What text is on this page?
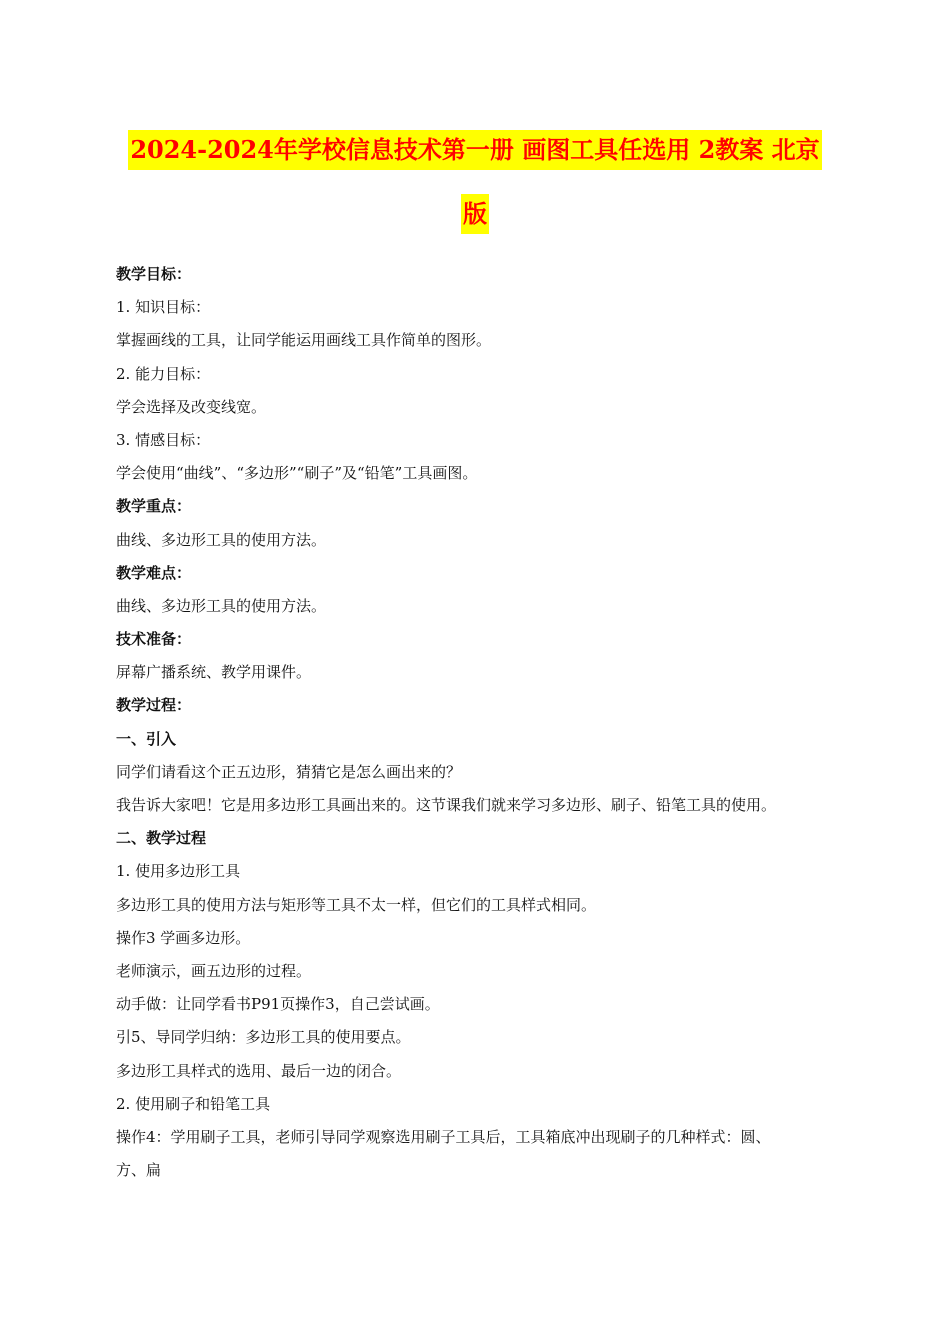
2024-2024年学校信息技术第一册 画图工具任选用 2教案 北京
版
教学目标：
1. 知识目标：
掌握画线的工具，让同学能运用画线工具作简单的图形。
2. 能力目标：
学会选择及改变线宽。
3. 情感目标：
学会使用“曲线”、“多边形”“刷子”及“铅笔”工具画图。
教学重点：
曲线、多边形工具的使用方法。
教学难点：
曲线、多边形工具的使用方法。
技术准备：
屏幕广播系统、教学用课件。
教学过程：
一、引入
同学们请看这个正五边形，猜猜它是怎么画出来的？
我告诉大家吧！它是用多边形工具画出来的。这节课我们就来学习多边形、刷子、铅笔工具的使用。
二、教学过程
1. 使用多边形工具
多边形工具的使用方法与矩形等工具不太一样，但它们的工具样式相同。
操作3 学画多边形。
老师演示，画五边形的过程。
动手做：让同学看书P91页操作3，自己尝试画。
引5、导同学归纳：多边形工具的使用要点。
多边形工具样式的选用、最后一边的闭合。
2. 使用刷子和铅笔工具
操作4：学用刷子工具，老师引导同学观察选用刷子工具后，工具箱底冲出现刷子的几种样式：圆、
方、扁
